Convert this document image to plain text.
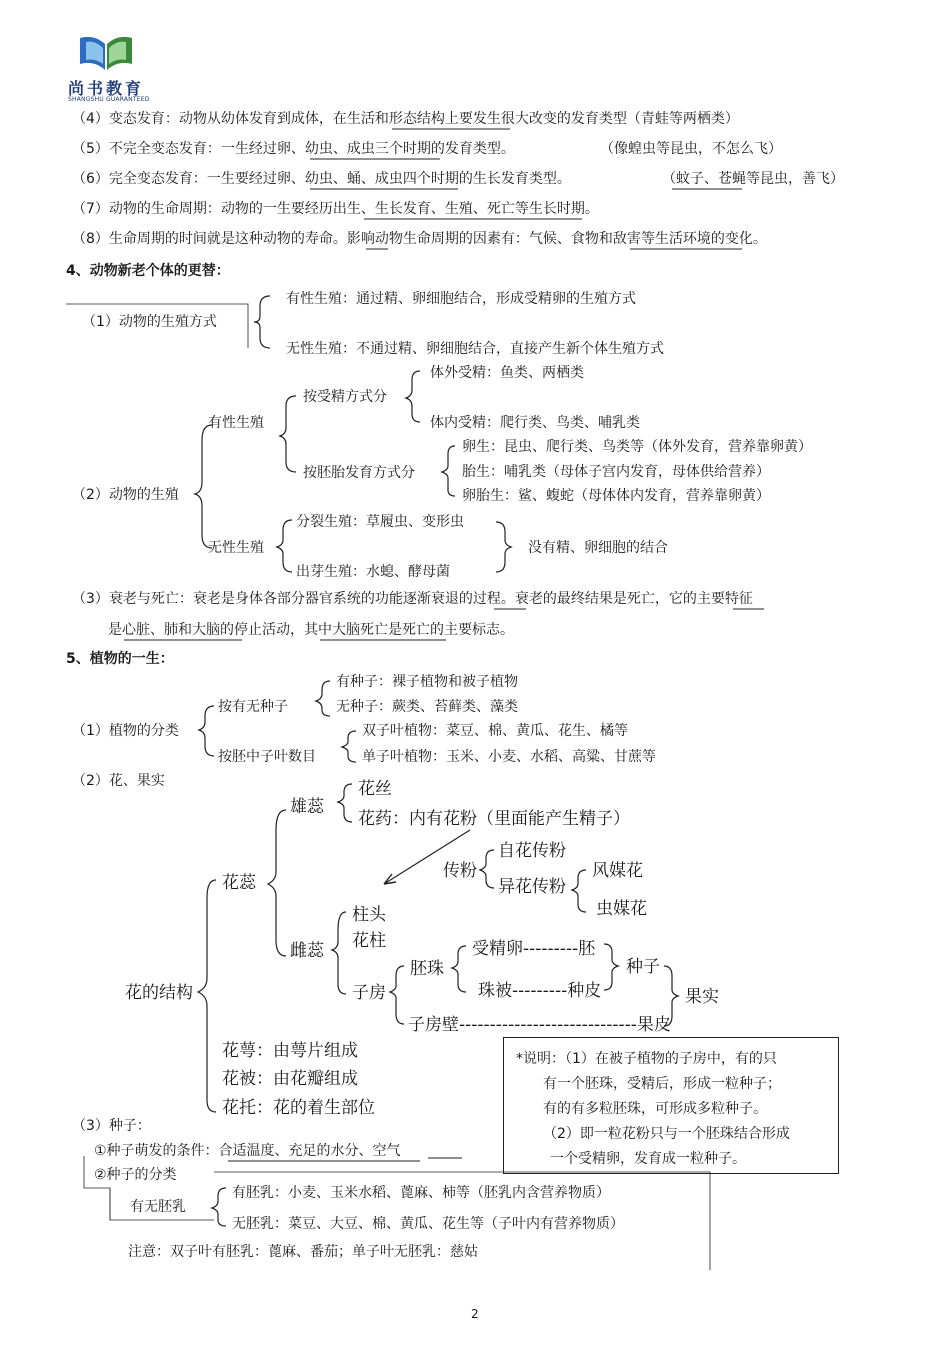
尚书教育
SHANGSHU GUARANTEED
（4）变态发育：动物从幼体发育到成体，在生活和形态结构上要发生很大改变的发育类型（青蛙等两栖类）
（5）不完全变态发育：一生经过卵、幼虫、成虫三个时期的发育类型。	（像蝗虫等昆虫，不怎么飞）
（6）完全变态发育：一生要经过卵、幼虫、蛹、成虫四个时期的生长发育类型。	（蚊子、苍蝇等昆虫，善飞）
（7）动物的生命周期：动物的一生要经历出生、生长发育、生殖、死亡等生长时期。
（8）生命周期的时间就是这种动物的寿命。影响动物生命周期的因素有：气候、食物和敌害等生活环境的变化。
4、动物新老个体的更替：
（1）动物的生殖方式
有性生殖：通过精、卵细胞结合，形成受精卵的生殖方式
无性生殖：不通过精、卵细胞结合，直接产生新个体生殖方式
（2）动物的生殖
有性生殖
按受精方式分
体外受精：鱼类、两栖类
体内受精：爬行类、鸟类、哺乳类
按胚胎发育方式分
卵生：昆虫、爬行类、鸟类等（体外发育，营养靠卵黄）
胎生：哺乳类（母体子宫内发育，母体供给营养）
卵胎生：鲨、蝮蛇（母体体内发育，营养靠卵黄）
无性生殖
分裂生殖：草履虫、变形虫
出芽生殖：水螅、酵母菌
没有精、卵细胞的结合
（3）衰老与死亡：衰老是身体各部分器官系统的功能逐渐衰退的过程。衰老的最终结果是死亡，它的主要特征
是心脏、肺和大脑的停止活动，其中大脑死亡是死亡的主要标志。
5、植物的一生：
（1）植物的分类
按有无种子
有种子：裸子植物和被子植物
无种子：蕨类、苔藓类、藻类
按胚中子叶数目
双子叶植物：菜豆、棉、黄瓜、花生、橘等
单子叶植物：玉米、小麦、水稻、高粱、甘蔗等
（2）花、果实
花的结构
花蕊
雄蕊
花丝
花药：内有花粉（里面能产生精子）
雌蕊
柱头
花柱
子房
胚珠
受精卵---------胚
珠被---------种皮
种子
子房壁-----------------------------果皮
果实
传粉
自花传粉
异花传粉
风媒花
虫媒花
花萼：由萼片组成
花被：由花瓣组成
花托：花的着生部位
*说明：（1）在被子植物的子房中，有的只
有一个胚珠，受精后，形成一粒种子；
有的有多粒胚珠，可形成多粒种子。
（2）即一粒花粉只与一个胚珠结合形成
一个受精卵，发育成一粒种子。
（3）种子：
①种子萌发的条件：合适温度、充足的水分、空气
②种子的分类
有无胚乳
有胚乳：小麦、玉米水稻、蓖麻、柿等（胚乳内含营养物质）
无胚乳：菜豆、大豆、棉、黄瓜、花生等（子叶内有营养物质）
注意：双子叶有胚乳：蓖麻、番茄；单子叶无胚乳：慈姑
2
